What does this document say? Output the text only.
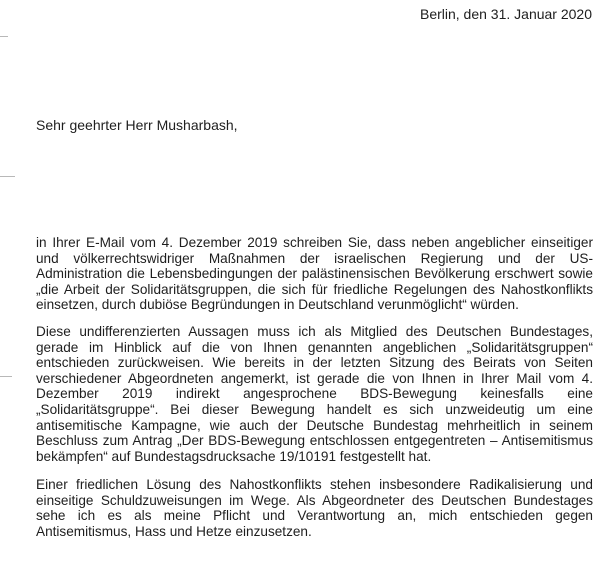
Berlin, den 31. Januar 2020
Sehr geehrter Herr Musharbash,
in Ihrer E-Mail vom 4. Dezember 2019 schreiben Sie, dass neben angeblicher einseitiger
und völkerrechtswidriger Maßnahmen der israelischen Regierung und der US-
Administration die Lebensbedingungen der palästinensischen Bevölkerung erschwert sowie
„die Arbeit der Solidaritätsgruppen, die sich für friedliche Regelungen des Nahostkonflikts
einsetzen, durch dubiöse Begründungen in Deutschland verunmöglicht“ würden.
Diese undifferenzierten Aussagen muss ich als Mitglied des Deutschen Bundestages,
gerade im Hinblick auf die von Ihnen genannten angeblichen „Solidaritätsgruppen“
entschieden zurückweisen. Wie bereits in der letzten Sitzung des Beirats von Seiten
verschiedener Abgeordneten angemerkt, ist gerade die von Ihnen in Ihrer Mail vom 4.
Dezember 2019 indirekt angesprochene BDS-Bewegung keinesfalls eine
„Solidaritätsgruppe“. Bei dieser Bewegung handelt es sich unzweideutig um eine
antisemitische Kampagne, wie auch der Deutsche Bundestag mehrheitlich in seinem
Beschluss zum Antrag „Der BDS-Bewegung entschlossen entgegentreten – Antisemitismus
bekämpfen“ auf Bundestagsdrucksache 19/10191 festgestellt hat.
Einer friedlichen Lösung des Nahostkonflikts stehen insbesondere Radikalisierung und
einseitige Schuldzuweisungen im Wege. Als Abgeordneter des Deutschen Bundestages
sehe ich es als meine Pflicht und Verantwortung an, mich entschieden gegen
Antisemitismus, Hass und Hetze einzusetzen.
